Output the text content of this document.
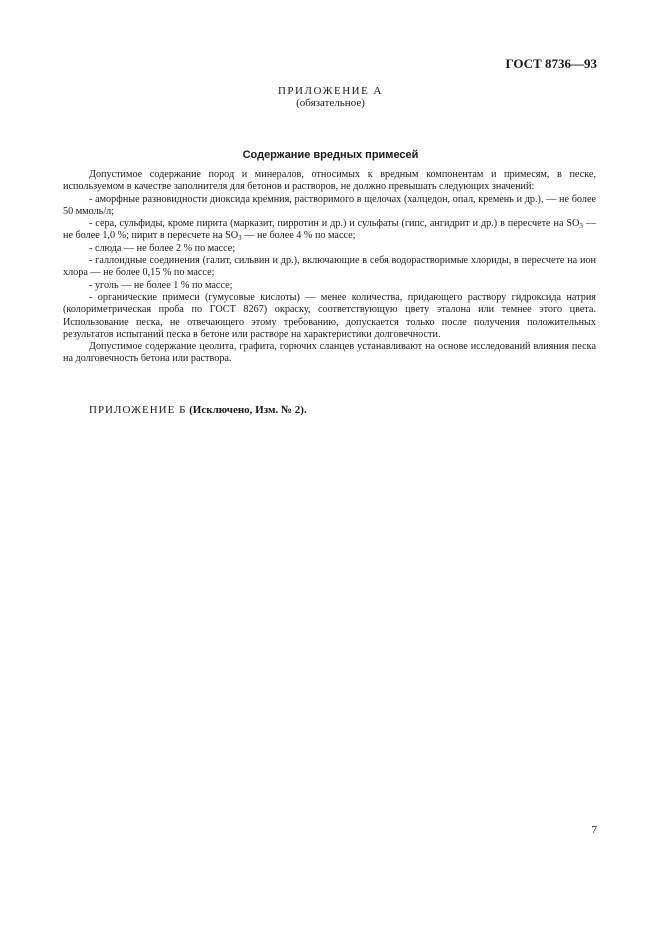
ГОСТ 8736—93
ПРИЛОЖЕНИЕ А
(обязательное)
Содержание вредных примесей

Допустимое содержание пород и минералов, относимых к вредным компонентам и примесям, в песке, используемом в качестве заполнителя для бетонов и растворов, не должно превышать следующих значений:

- аморфные разновидности диоксида кремния, растворимого в щелочах (халцедон, опал, кремень и др.), — не более 50 ммоль/л;

- сера, сульфиды, кроме пирита (марказит, пирротин и др.) и сульфаты (гипс, ангидрит и др.) в пересчете на $SO_3$ — не более 1,0 %; пирит в пересчете на $SO_3$ — не более 4 % по массе;

- слюда — не более 2 % по массе;

- галлоидные соединения (галит, сильвин и др.), включающие в себя водорастворимые хлориды, в пересчете на ион хлора — не более 0,15 % по массе;

- уголь — не более 1 % по массе;

- органические примеси (гумусовые кислоты) — менее количества, придающего раствору гидроксида натрия (колориметрическая проба по ГОСТ 8267) окраску, соответствующую цвету эталона или темнее этого цвета. Использование песка, не отвечающего этому требованию, допускается только после получения положительных результатов испытаний песка в бетоне или растворе на характеристики долговечности.

Допустимое содержание цеолита, графита, горючих сланцев устанавливают на основе исследований влияния песка на долговечность бетона или раствора.

ПРИЛОЖЕНИЕ Б (Исключено, Изм. № 2).
7
